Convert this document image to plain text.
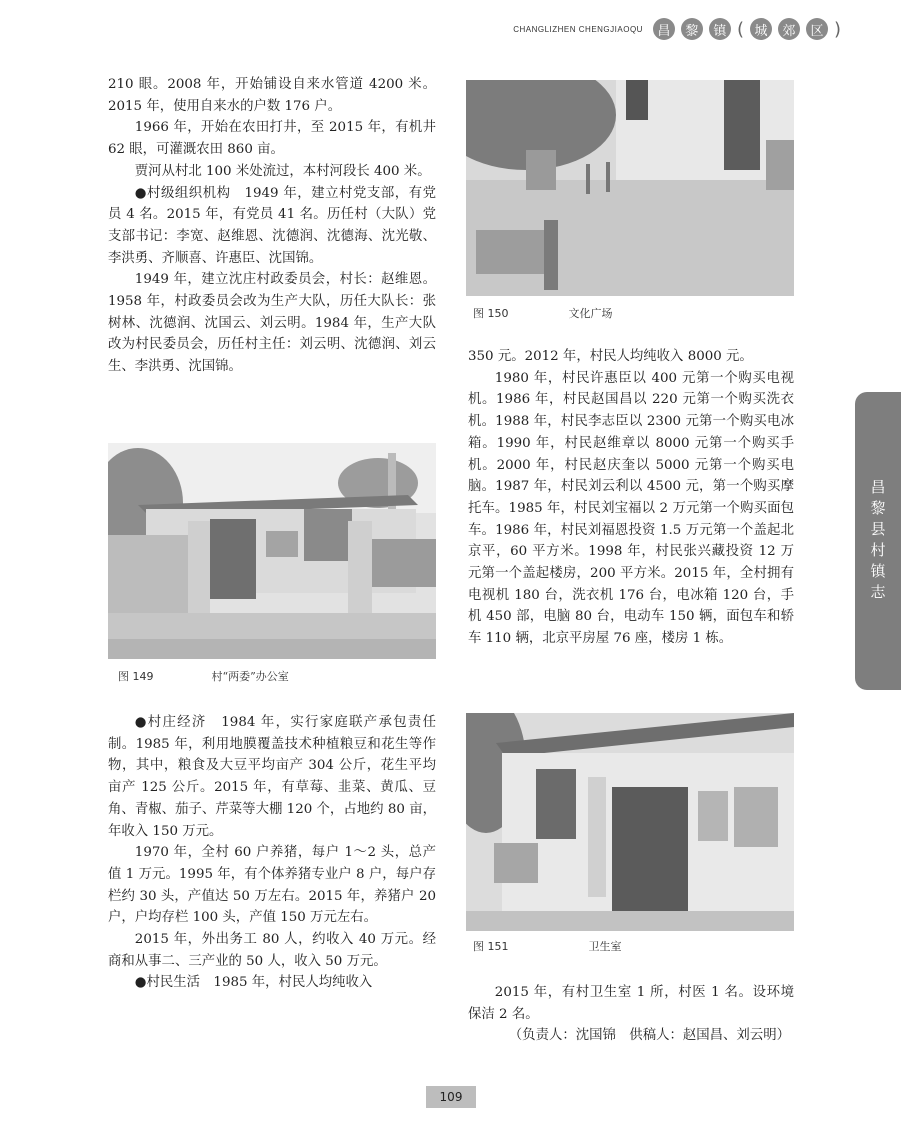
CHANGLIZHEN CHENGJIAOQU	昌	黎	镇 ( 城	郊	区 )
昌黎县村镇志

210 眼。2008 年，开始铺设自来水管道 4200 米。2015 年，使用自来水的户数 176 户。

1966 年，开始在农田打井，至 2015 年，有机井 62 眼，可灌溉农田 860 亩。

贾河从村北 100 米处流过，本村河段长 400 米。

●村级组织机构　1949 年，建立村党支部，有党员 4 名。2015 年，有党员 41 名。历任村（大队）党支部书记：李宽、赵维恩、沈德润、沈德海、沈光敬、李洪勇、齐顺喜、许惠臣、沈国锦。

1949 年，建立沈庄村政委员会，村长：赵维恩。1958 年，村政委员会改为生产大队，历任大队长：张树林、沈德润、沈国云、刘云明。1984 年，生产大队改为村民委员会，历任村主任：刘云明、沈德润、刘云生、李洪勇、沈国锦。

图 149	村“两委”办公室

●村庄经济　1984 年，实行家庭联产承包责任制。1985 年，利用地膜覆盖技术种植粮豆和花生等作物，其中，粮食及大豆平均亩产 304 公斤，花生平均亩产 125 公斤。2015 年，有草莓、韭菜、黄瓜、豆角、青椒、茄子、芹菜等大棚 120 个，占地约 80 亩，年收入 150 万元。

1970 年，全村 60 户养猪，每户 1～2 头，总产值 1 万元。1995 年，有个体养猪专业户 8 户，每户存栏约 30 头，产值达 50 万左右。2015 年，养猪户 20 户，户均存栏 100 头，产值 150 万元左右。

2015 年，外出务工 80 人，约收入 40 万元。经商和从事二、三产业的 50 人，收入 50 万元。

●村民生活　1985 年，村民人均纯收入

图 150	文化广场

350 元。2012 年，村民人均纯收入 8000 元。

1980 年，村民许惠臣以 400 元第一个购买电视机。1986 年，村民赵国昌以 220 元第一个购买洗衣机。1988 年，村民李志臣以 2300 元第一个购买电冰箱。1990 年，村民赵维章以 8000 元第一个购买手机。2000 年，村民赵庆奎以 5000 元第一个购买电脑。1987 年，村民刘云利以 4500 元，第一个购买摩托车。1985 年，村民刘宝福以 2 万元第一个购买面包车。1986 年，村民刘福恩投资 1.5 万元第一个盖起北京平，60 平方米。1998 年，村民张兴藏投资 12 万元第一个盖起楼房，200 平方米。2015 年，全村拥有电视机 180 台，洗衣机 176 台，电冰箱 120 台，手机 450 部，电脑 80 台，电动车 150 辆，面包车和轿车 110 辆，北京平房屋 76 座，楼房 1 栋。

图 151	卫生室

2015 年，有村卫生室 1 所，村医 1 名。设环境保洁 2 名。

（负责人：沈国锦　供稿人：赵国昌、刘云明）

109
